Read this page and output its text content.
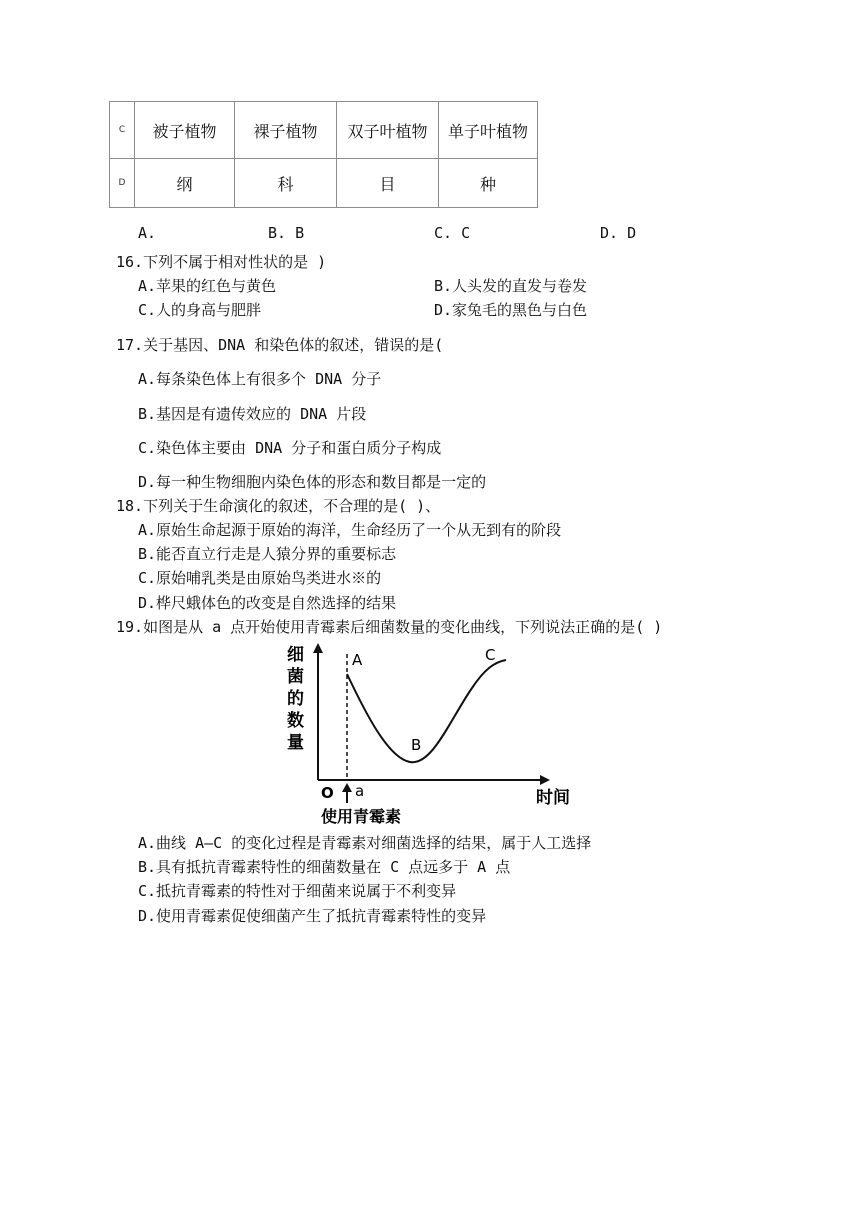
C	被子植物	裸子植物	双子叶植物	单子叶植物
D	纲	科	目	种
A.	B. B	C. C	D. D
16.下列不属于相对性状的是 )
A.苹果的红色与黄色	B.人头发的直发与卷发
C.人的身高与肥胖	D.家兔毛的黑色与白色
17.关于基因、DNA 和染色体的叙述，错误的是(
A.每条染色体上有很多个 DNA 分子
B.基因是有遗传效应的 DNA 片段
C.染色体主要由 DNA 分子和蛋白质分子构成
D.每一种生物细胞内染色体的形态和数目都是一定的
18.下列关于生命演化的叙述，不合理的是( )、
A.原始生命起源于原始的海洋，生命经历了一个从无到有的阶段
B.能否直立行走是人猿分界的重要标志
C.原始哺乳类是由原始鸟类进水※的
D.桦尺蛾体色的改变是自然选择的结果
19.如图是从 a 点开始使用青霉素后细菌数量的变化曲线，下列说法正确的是( )
细
菌
的
数
量
A
B
C
O a	时间
使用青霉素
A.曲线 A—C 的变化过程是青霉素对细菌选择的结果，属于人工选择
B.具有抵抗青霉素特性的细菌数量在 C 点远多于 A 点
C.抵抗青霉素的特性对于细菌来说属于不利变异
D.使用青霉素促使细菌产生了抵抗青霉素特性的变异
